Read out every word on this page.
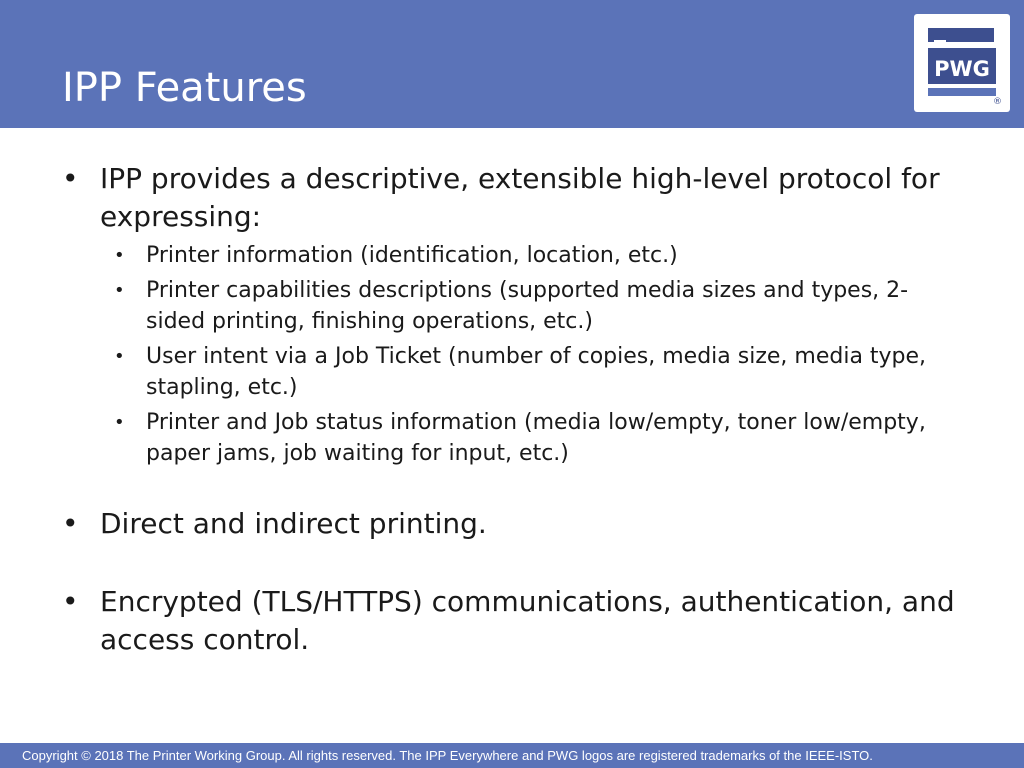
IPP Features	PWG
®
• IPP provides a descriptive, extensible high-level protocol for expressing:
• Printer information (identification, location, etc.)
• Printer capabilities descriptions (supported media sizes and types, 2-sided printing, finishing operations, etc.)
• User intent via a Job Ticket (number of copies, media size, media type, stapling, etc.)
• Printer and Job status information (media low/empty, toner low/empty, paper jams, job waiting for input, etc.)
• Direct and indirect printing.
• Encrypted (TLS/HTTPS) communications, authentication, and access control.
Copyright © 2018 The Printer Working Group. All rights reserved. The IPP Everywhere and PWG logos are registered trademarks of the IEEE-ISTO.
